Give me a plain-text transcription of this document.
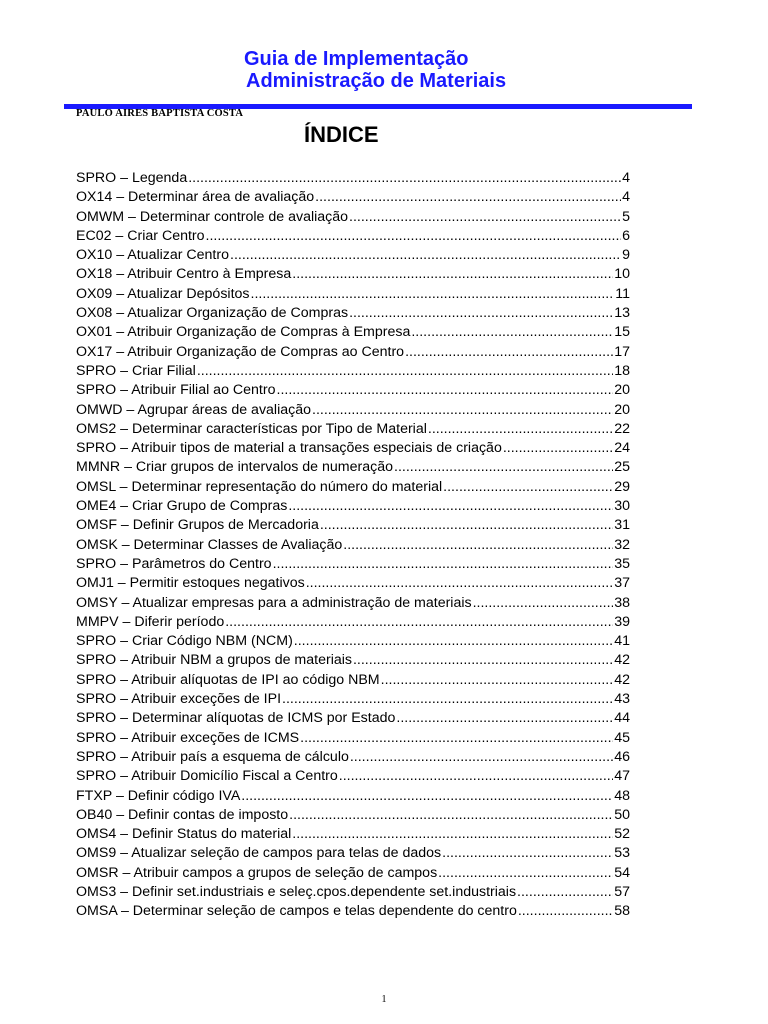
Guia de Implementação
Administração de Materiais
PAULO AIRES BAPTISTA COSTA
ÍNDICE
SPRO – Legenda .....	4
OX14 – Determinar área de avaliação .....	4
OMWM – Determinar controle de avaliação .....	5
EC02 – Criar Centro .....	6
OX10 – Atualizar Centro .....	9
OX18 – Atribuir Centro à Empresa .....	10
OX09 – Atualizar Depósitos .....	11
OX08 – Atualizar Organização de Compras .....	13
OX01 – Atribuir Organização de Compras à Empresa .....	15
OX17 – Atribuir Organização de Compras ao Centro .....	17
SPRO – Criar Filial .....	18
SPRO – Atribuir Filial ao Centro .....	20
OMWD – Agrupar áreas de avaliação .....	20
OMS2 – Determinar características por Tipo de Material .....	22
SPRO – Atribuir tipos de material a transações especiais de criação .....	24
MMNR – Criar grupos de intervalos de numeração .....	25
OMSL – Determinar representação do número do material .....	29
OME4 – Criar Grupo de Compras .....	30
OMSF – Definir Grupos de Mercadoria .....	31
OMSK – Determinar Classes de Avaliação .....	32
SPRO – Parâmetros do Centro .....	35
OMJ1 – Permitir estoques negativos .....	37
OMSY – Atualizar empresas para a administração de materiais .....	38
MMPV – Diferir período .....	39
SPRO – Criar Código NBM (NCM) .....	41
SPRO – Atribuir NBM a grupos de materiais .....	42
SPRO – Atribuir alíquotas de IPI ao código NBM .....	42
SPRO – Atribuir exceções de IPI .....	43
SPRO – Determinar alíquotas de ICMS por Estado .....	44
SPRO – Atribuir exceções de ICMS .....	45
SPRO – Atribuir país a esquema de cálculo .....	46
SPRO – Atribuir Domicílio Fiscal a Centro .....	47
FTXP – Definir código IVA .....	48
OB40 – Definir contas de imposto .....	50
OMS4 – Definir Status do material .....	52
OMS9 – Atualizar seleção de campos para telas de dados .....	53
OMSR – Atribuir campos a grupos de seleção de campos .....	54
OMS3 – Definir set.industriais e seleç.cpos.dependente set.industriais .....	57
OMSA – Determinar seleção de campos e telas dependente do centro .....	58
1
